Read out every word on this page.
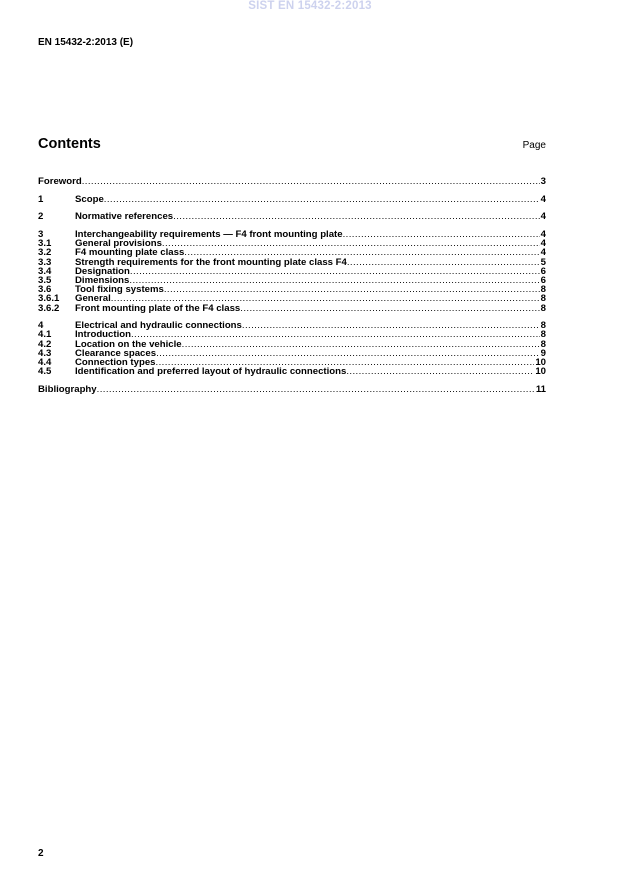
SIST EN 15432-2:2013
EN 15432-2:2013 (E)
Contents	Page
Foreword .....	3
1	Scope .....	4
2	Normative references .....	4
3	Interchangeability requirements — F4 front mounting plate .....	4
3.1	General provisions .....	4
3.2	F4 mounting plate class .....	4
3.3	Strength requirements for the front mounting plate class F4 .....	5
3.4	Designation .....	6
3.5	Dimensions .....	6
3.6	Tool fixing systems .....	8
3.6.1	General .....	8
3.6.2	Front mounting plate of the F4 class .....	8
4	Electrical and hydraulic connections .....	8
4.1	Introduction .....	8
4.2	Location on the vehicle .....	8
4.3	Clearance spaces .....	9
4.4	Connection types .....	10
4.5	Identification and preferred layout of hydraulic connections .....	10
Bibliography .....	11
2
